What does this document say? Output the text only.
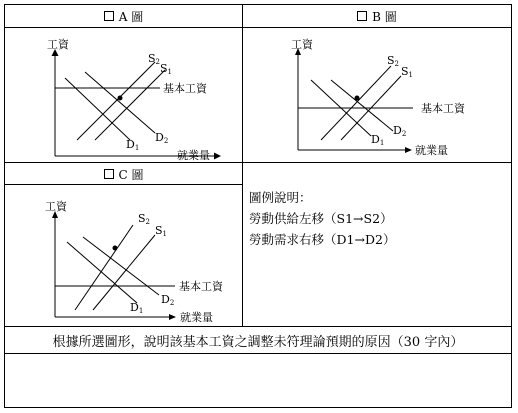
A 圖	B 圖
C 圖
工資
就業量
基本工資
S2 S1
D1
D2
工資
就業量
基本工資
S2
S1
D1
D2
工資
就業量
基本工資
S2
S1
D1
D2
圖例說明：
勞動供給左移（S1→S2）
勞動需求右移（D1→D2）
根據所選圖形，說明該基本工資之調整未符理論預期的原因（30 字內）
